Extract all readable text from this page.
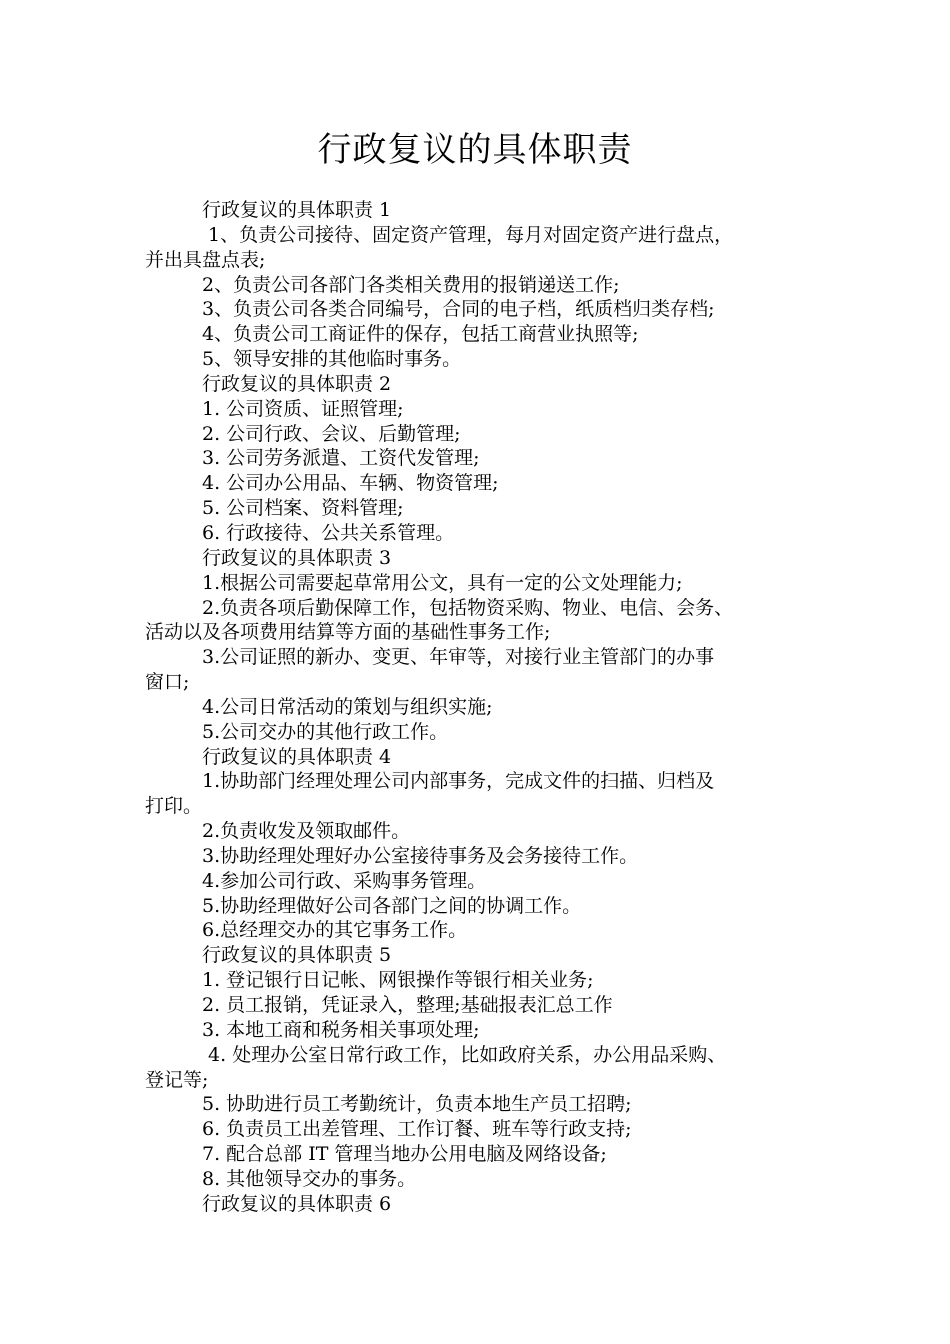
行政复议的具体职责
行政复议的具体职责 1
1、负责公司接待、固定资产管理，每月对固定资产进行盘点，
并出具盘点表;
2、负责公司各部门各类相关费用的报销递送工作;
3、负责公司各类合同编号，合同的电子档，纸质档归类存档;
4、负责公司工商证件的保存，包括工商营业执照等;
5、领导安排的其他临时事务。
行政复议的具体职责 2
1. 公司资质、证照管理;
2. 公司行政、会议、后勤管理;
3. 公司劳务派遣、工资代发管理;
4. 公司办公用品、车辆、物资管理;
5. 公司档案、资料管理;
6. 行政接待、公共关系管理。
行政复议的具体职责 3
1.根据公司需要起草常用公文，具有一定的公文处理能力;
2.负责各项后勤保障工作，包括物资采购、物业、电信、会务、
活动以及各项费用结算等方面的基础性事务工作;
3.公司证照的新办、变更、年审等，对接行业主管部门的办事
窗口;
4.公司日常活动的策划与组织实施;
5.公司交办的其他行政工作。
行政复议的具体职责 4
1.协助部门经理处理公司内部事务，完成文件的扫描、归档及
打印。
2.负责收发及领取邮件。
3.协助经理处理好办公室接待事务及会务接待工作。
4.参加公司行政、采购事务管理。
5.协助经理做好公司各部门之间的协调工作。
6.总经理交办的其它事务工作。
行政复议的具体职责 5
1. 登记银行日记帐、网银操作等银行相关业务;
2. 员工报销，凭证录入，整理;基础报表汇总工作
3. 本地工商和税务相关事项处理;
4. 处理办公室日常行政工作，比如政府关系，办公用品采购、
登记等;
5. 协助进行员工考勤统计，负责本地生产员工招聘;
6. 负责员工出差管理、工作订餐、班车等行政支持;
7. 配合总部 IT 管理当地办公用电脑及网络设备;
8. 其他领导交办的事务。
行政复议的具体职责 6
